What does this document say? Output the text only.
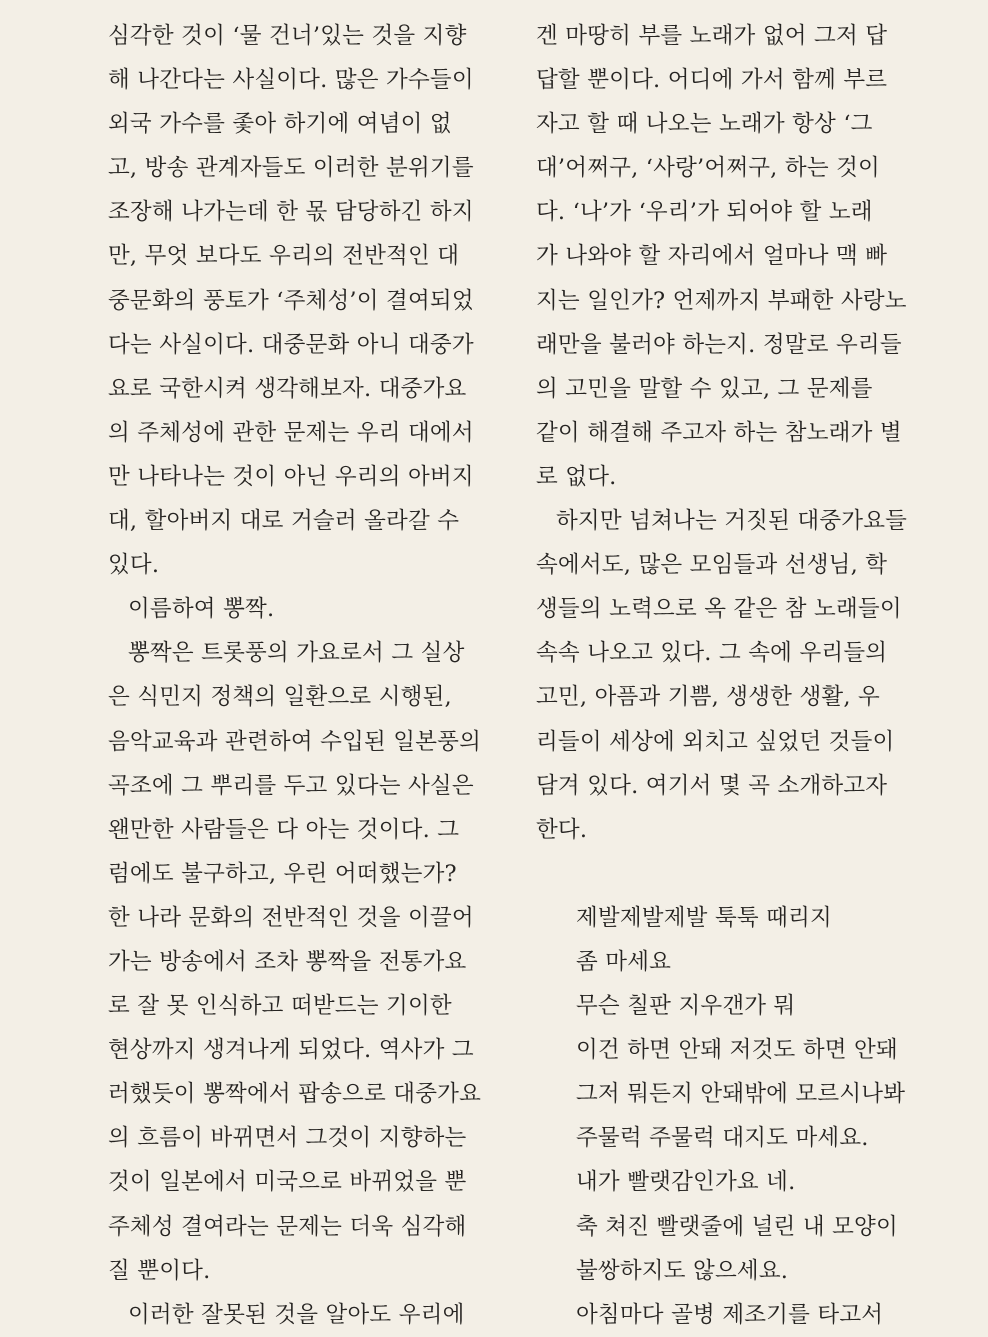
심각한 것이 ‘물 건너’있는 것을 지향
해 나간다는 사실이다. 많은 가수들이
외국 가수를 좇아 하기에 여념이 없
고, 방송 관계자들도 이러한 분위기를
조장해 나가는데 한 몫 담당하긴 하지
만, 무엇 보다도 우리의 전반적인 대
중문화의 풍토가 ‘주체성’이 결여되었
다는 사실이다. 대중문화 아니 대중가
요로 국한시켜 생각해보자. 대중가요
의 주체성에 관한 문제는 우리 대에서
만 나타나는 것이 아닌 우리의 아버지
대, 할아버지 대로 거슬러 올라갈 수
있다.
이름하여 뽕짝.
뽕짝은 트롯풍의 가요로서 그 실상
은 식민지 정책의 일환으로 시행된,
음악교육과 관련하여 수입된 일본풍의
곡조에 그 뿌리를 두고 있다는 사실은
왠만한 사람들은 다 아는 것이다. 그
럼에도 불구하고, 우린 어떠했는가?
한 나라 문화의 전반적인 것을 이끌어
가는 방송에서 조차 뽕짝을 전통가요
로 잘 못 인식하고 떠받드는 기이한
현상까지 생겨나게 되었다. 역사가 그
러했듯이 뽕짝에서 팝송으로 대중가요
의 흐름이 바뀌면서 그것이 지향하는
것이 일본에서 미국으로 바뀌었을 뿐
주체성 결여라는 문제는 더욱 심각해
질 뿐이다.
이러한 잘못된 것을 알아도 우리에
겐 마땅히 부를 노래가 없어 그저 답
답할 뿐이다. 어디에 가서 함께 부르
자고 할 때 나오는 노래가 항상 ‘그
대’어쩌구, ‘사랑’어쩌구, 하는 것이
다. ‘나’가 ‘우리’가 되어야 할 노래
가 나와야 할 자리에서 얼마나 맥 빠
지는 일인가? 언제까지 부패한 사랑노
래만을 불러야 하는지. 정말로 우리들
의 고민을 말할 수 있고, 그 문제를
같이 해결해 주고자 하는 참노래가 별
로 없다.
하지만 넘쳐나는 거짓된 대중가요들
속에서도, 많은 모임들과 선생님, 학
생들의 노력으로 옥 같은 참 노래들이
속속 나오고 있다. 그 속에 우리들의
고민, 아픔과 기쁨, 생생한 생활, 우
리들이 세상에 외치고 싶었던 것들이
담겨 있다. 여기서 몇 곡 소개하고자
한다.
제발제발제발 툭툭 때리지
좀 마세요
무슨 칠판 지우갠가 뭐
이건 하면 안돼 저것도 하면 안돼
그저 뭐든지 안돼밖에 모르시나봐
주물럭 주물럭 대지도 마세요.
내가 빨랫감인가요 네.
축 쳐진 빨랫줄에 널린 내 모양이
불쌍하지도 않으세요.
아침마다 골병 제조기를 타고서
